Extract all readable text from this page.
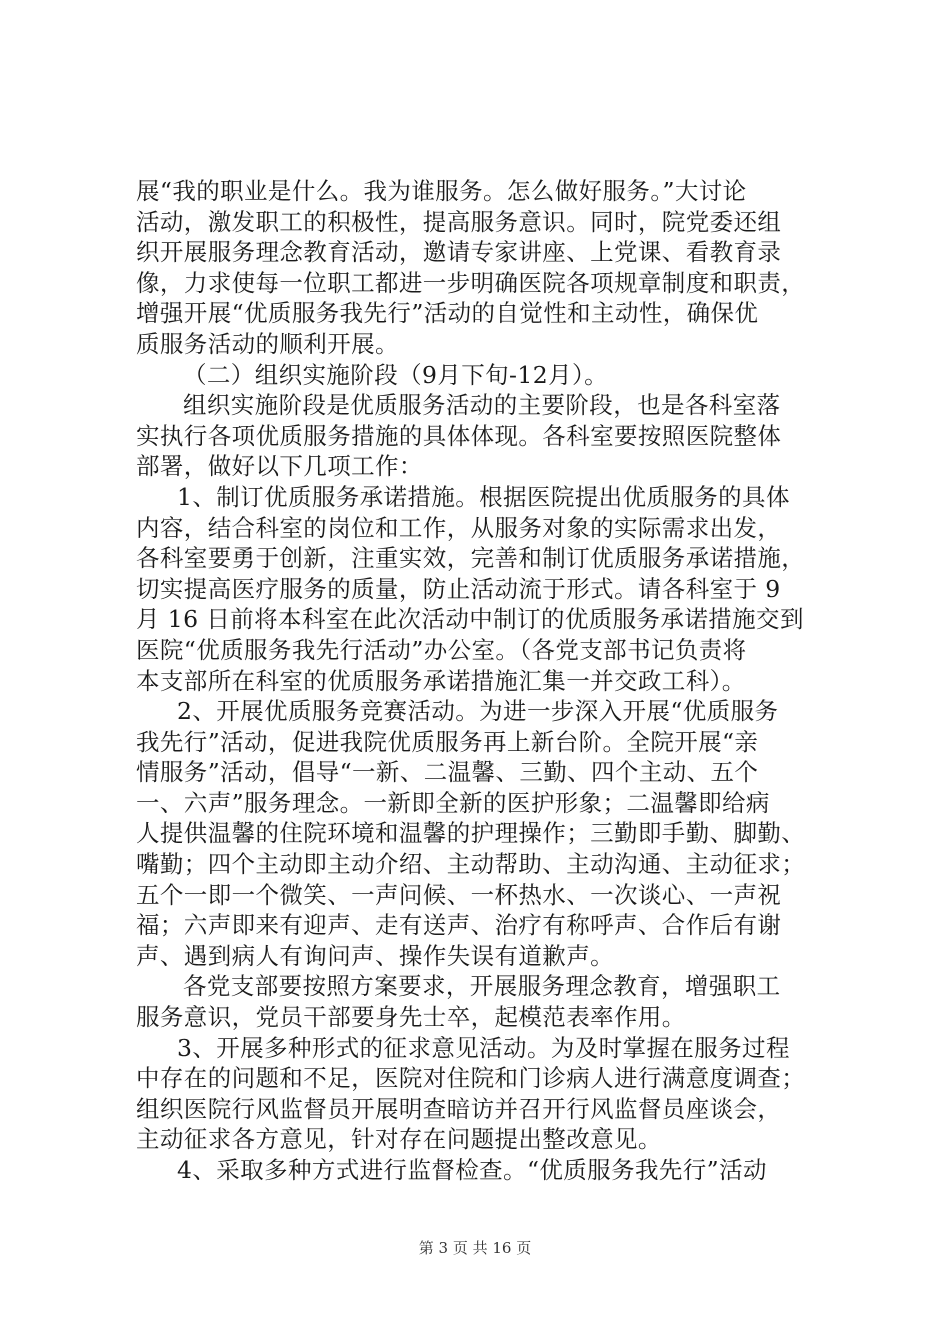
展“我的职业是什么。我为谁服务。怎么做好服务。”大讨论
活动，激发职工的积极性，提高服务意识。同时，院党委还组
织开展服务理念教育活动，邀请专家讲座、上党课、看教育录
像，力求使每一位职工都进一步明确医院各项规章制度和职责，
增强开展“优质服务我先行”活动的自觉性和主动性，确保优
质服务活动的顺利开展。
（二）组织实施阶段（9月下旬-12月）。
组织实施阶段是优质服务活动的主要阶段，也是各科室落
实执行各项优质服务措施的具体体现。各科室要按照医院整体
部署，做好以下几项工作：
1、制订优质服务承诺措施。根据医院提出优质服务的具体
内容，结合科室的岗位和工作，从服务对象的实际需求出发，
各科室要勇于创新，注重实效，完善和制订优质服务承诺措施，
切实提高医疗服务的质量，防止活动流于形式。请各科室于 9
月 16 日前将本科室在此次活动中制订的优质服务承诺措施交到
医院“优质服务我先行活动”办公室。（各党支部书记负责将
本支部所在科室的优质服务承诺措施汇集一并交政工科）。
2、开展优质服务竞赛活动。为进一步深入开展“优质服务
我先行”活动，促进我院优质服务再上新台阶。全院开展“亲
情服务”活动，倡导“一新、二温馨、三勤、四个主动、五个
一、六声”服务理念。一新即全新的医护形象；二温馨即给病
人提供温馨的住院环境和温馨的护理操作；三勤即手勤、脚勤、
嘴勤；四个主动即主动介绍、主动帮助、主动沟通、主动征求；
五个一即一个微笑、一声问候、一杯热水、一次谈心、一声祝
福；六声即来有迎声、走有送声、治疗有称呼声、合作后有谢
声、遇到病人有询问声、操作失误有道歉声。
各党支部要按照方案要求，开展服务理念教育，增强职工
服务意识，党员干部要身先士卒，起模范表率作用。
3、开展多种形式的征求意见活动。为及时掌握在服务过程
中存在的问题和不足，医院对住院和门诊病人进行满意度调查；
组织医院行风监督员开展明查暗访并召开行风监督员座谈会，
主动征求各方意见，针对存在问题提出整改意见。
4、采取多种方式进行监督检查。“优质服务我先行”活动
第 3 页 共 16 页
